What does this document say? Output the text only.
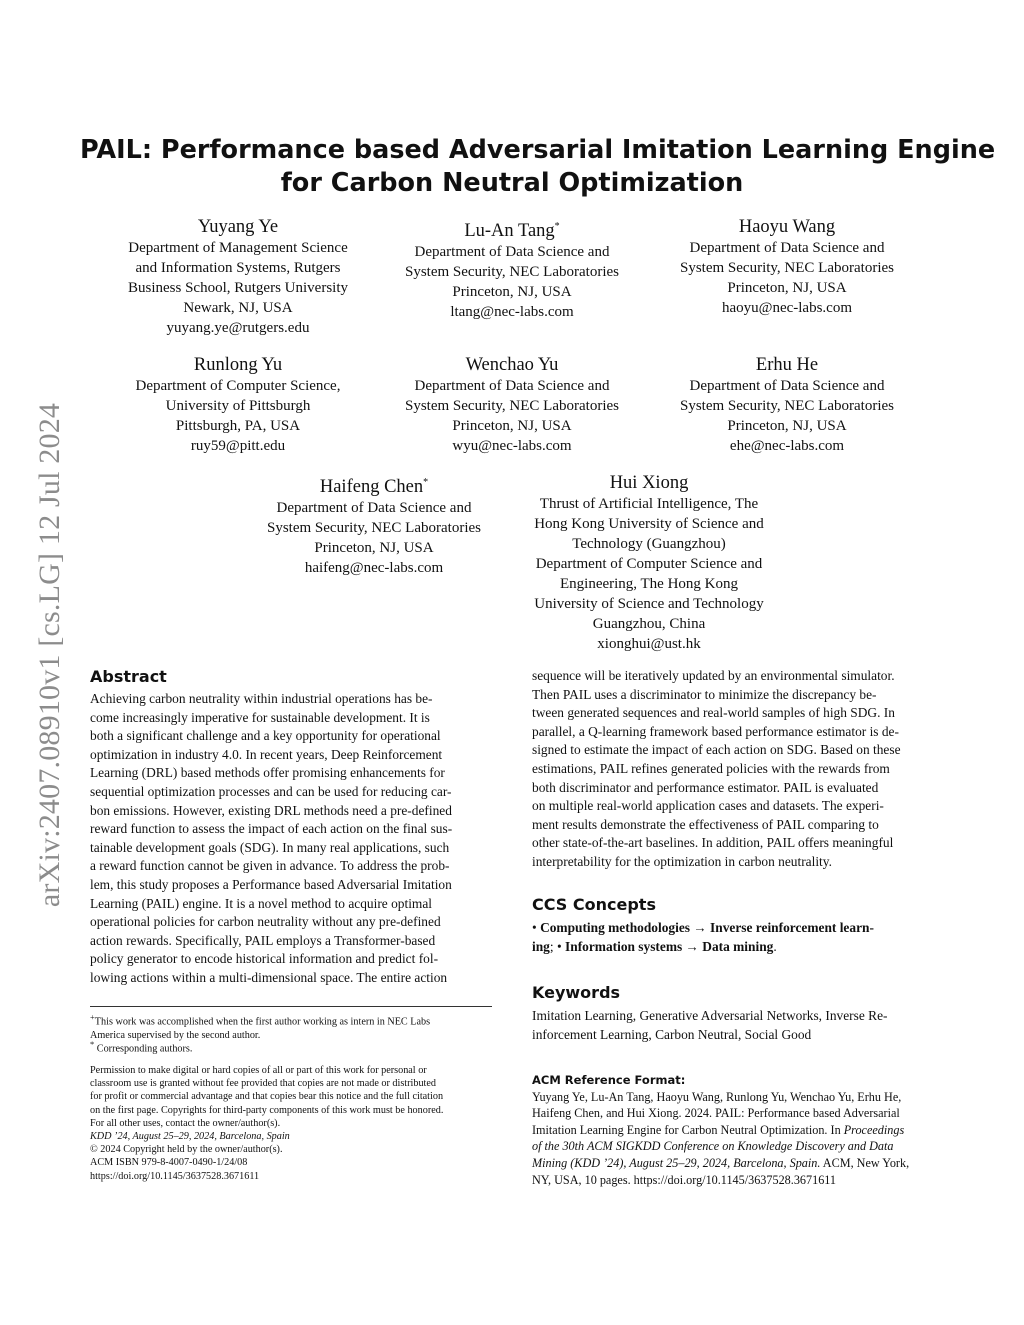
arXiv:2407.08910v1 [cs.LG] 12 Jul 2024
PAIL: Performance based Adversarial Imitation Learning Engine
for Carbon Neutral Optimization
Yuyang Ye
Department of Management Science
and Information Systems, Rutgers
Business School, Rutgers University
Newark, NJ, USA
yuyang.ye@rutgers.edu
Lu-An Tang*
Department of Data Science and
System Security, NEC Laboratories
Princeton, NJ, USA
ltang@nec-labs.com
Haoyu Wang
Department of Data Science and
System Security, NEC Laboratories
Princeton, NJ, USA
haoyu@nec-labs.com
Runlong Yu
Department of Computer Science,
University of Pittsburgh
Pittsburgh, PA, USA
ruy59@pitt.edu
Wenchao Yu
Department of Data Science and
System Security, NEC Laboratories
Princeton, NJ, USA
wyu@nec-labs.com
Erhu He
Department of Data Science and
System Security, NEC Laboratories
Princeton, NJ, USA
ehe@nec-labs.com
Haifeng Chen*
Department of Data Science and
System Security, NEC Laboratories
Princeton, NJ, USA
haifeng@nec-labs.com
Hui Xiong
Thrust of Artificial Intelligence, The
Hong Kong University of Science and
Technology (Guangzhou)
Department of Computer Science and
Engineering, The Hong Kong
University of Science and Technology
Guangzhou, China
xionghui@ust.hk
Abstract
Achieving carbon neutrality within industrial operations has be-
come increasingly imperative for sustainable development. It is
both a significant challenge and a key opportunity for operational
optimization in industry 4.0. In recent years, Deep Reinforcement
Learning (DRL) based methods offer promising enhancements for
sequential optimization processes and can be used for reducing car-
bon emissions. However, existing DRL methods need a pre-defined
reward function to assess the impact of each action on the final sus-
tainable development goals (SDG). In many real applications, such
a reward function cannot be given in advance. To address the prob-
lem, this study proposes a Performance based Adversarial Imitation
Learning (PAIL) engine. It is a novel method to acquire optimal
operational policies for carbon neutrality without any pre-defined
action rewards. Specifically, PAIL employs a Transformer-based
policy generator to encode historical information and predict fol-
lowing actions within a multi-dimensional space. The entire action
+This work was accomplished when the first author working as intern in NEC Labs
America supervised by the second author.
* Corresponding authors.
Permission to make digital or hard copies of all or part of this work for personal or
classroom use is granted without fee provided that copies are not made or distributed
for profit or commercial advantage and that copies bear this notice and the full citation
on the first page. Copyrights for third-party components of this work must be honored.
For all other uses, contact the owner/author(s).
KDD ’24, August 25–29, 2024, Barcelona, Spain
© 2024 Copyright held by the owner/author(s).
ACM ISBN 979-8-4007-0490-1/24/08
https://doi.org/10.1145/3637528.3671611
sequence will be iteratively updated by an environmental simulator.
Then PAIL uses a discriminator to minimize the discrepancy be-
tween generated sequences and real-world samples of high SDG. In
parallel, a Q-learning framework based performance estimator is de-
signed to estimate the impact of each action on SDG. Based on these
estimations, PAIL refines generated policies with the rewards from
both discriminator and performance estimator. PAIL is evaluated
on multiple real-world application cases and datasets. The experi-
ment results demonstrate the effectiveness of PAIL comparing to
other state-of-the-art baselines. In addition, PAIL offers meaningful
interpretability for the optimization in carbon neutrality.
CCS Concepts
• Computing methodologies → Inverse reinforcement learn-
ing; • Information systems → Data mining.
Keywords
Imitation Learning, Generative Adversarial Networks, Inverse Re-
inforcement Learning, Carbon Neutral, Social Good
ACM Reference Format:
Yuyang Ye, Lu-An Tang, Haoyu Wang, Runlong Yu, Wenchao Yu, Erhu He,
Haifeng Chen, and Hui Xiong. 2024. PAIL: Performance based Adversarial
Imitation Learning Engine for Carbon Neutral Optimization. In Proceedings
of the 30th ACM SIGKDD Conference on Knowledge Discovery and Data
Mining (KDD ’24), August 25–29, 2024, Barcelona, Spain. ACM, New York,
NY, USA, 10 pages. https://doi.org/10.1145/3637528.3671611
